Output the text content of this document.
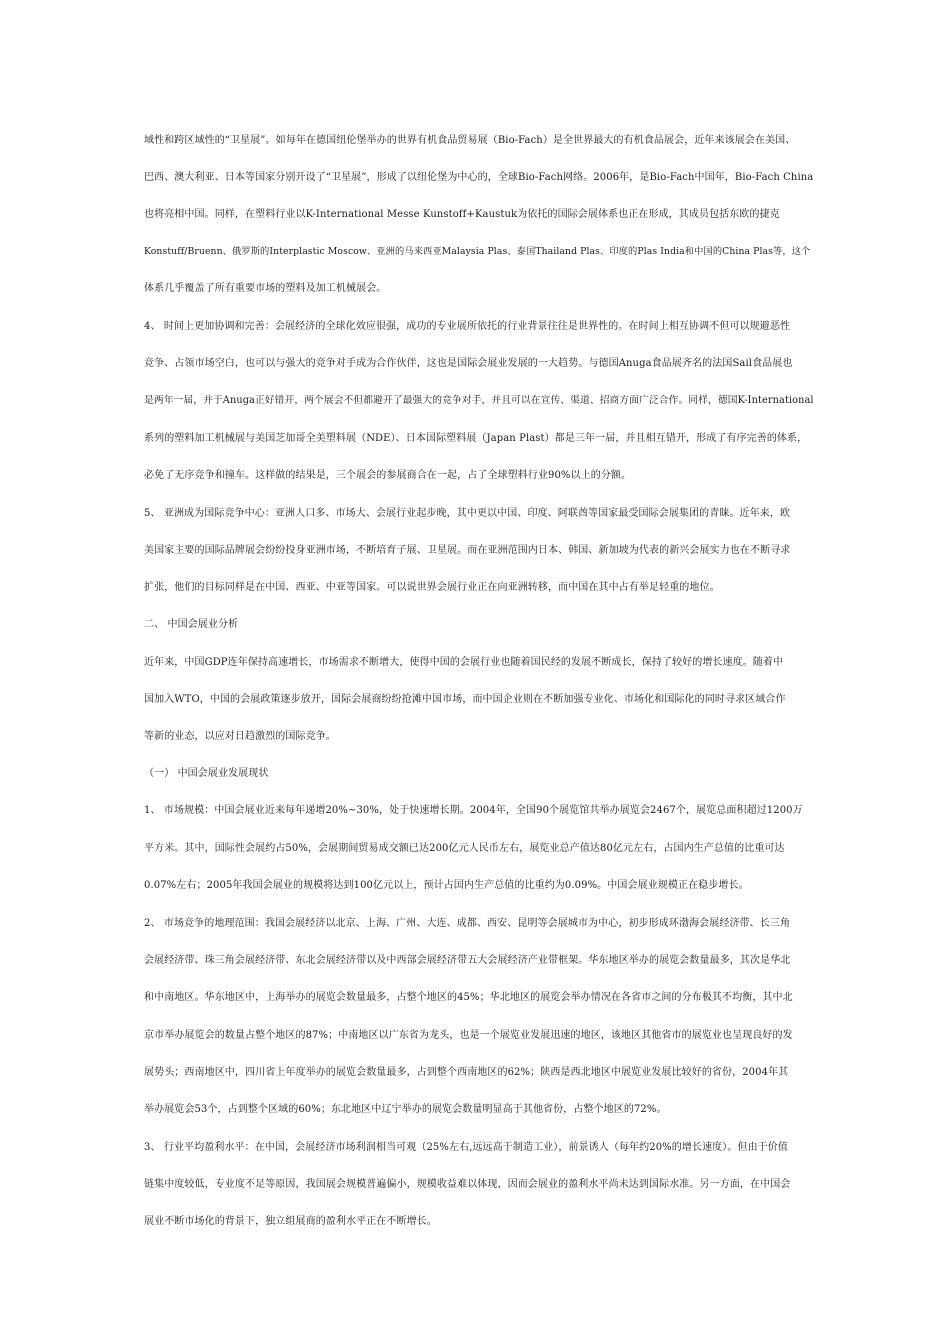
域性和跨区域性的“卫星展”。如每年在德国纽伦堡举办的世界有机食品贸易展（Bio-Fach）是全世界最大的有机食品展会，近年来该展会在美国、
巴西、澳大利亚、日本等国家分别开设了“卫星展”，形成了以纽伦堡为中心的，全球Bio-Fach网络。2006年，是Bio-Fach中国年，Bio-Fach China
也将亮相中国。同样，在塑料行业以K-International Messe Kunstoff+Kaustuk为依托的国际会展体系也正在形成，其成员包括东欧的捷克
Konstuff/Bruenn、俄罗斯的Interplastic Moscow、亚洲的马来西亚Malaysia Plas、泰国Thailand Plas、印度的Plas India和中国的China Plas等，这个
体系几乎覆盖了所有重要市场的塑料及加工机械展会。
4、 时间上更加协调和完善：会展经济的全球化效应很强，成功的专业展所依托的行业背景往往是世界性的。在时间上相互协调不但可以规避恶性
竞争、占领市场空白，也可以与强大的竞争对手成为合作伙伴，这也是国际会展业发展的一大趋势。与德国Anuga食品展齐名的法国Sail食品展也
是两年一届，并于Anuga正好错开，两个展会不但都避开了最强大的竞争对手，并且可以在宣传、渠道、招商方面广泛合作。同样，德国K-International
系列的塑料加工机械展与美国芝加哥全美塑料展（NDE）、日本国际塑料展（Japan Plast）都是三年一届，并且相互错开，形成了有序完善的体系，
必免了无序竞争和撞车。这样做的结果是，三个展会的参展商合在一起，占了全球塑料行业90%以上的分额。
5、 亚洲成为国际竞争中心：亚洲人口多、市场大、会展行业起步晚，其中更以中国、印度、阿联酋等国家最受国际会展集团的青睐。近年来，欧
美国家主要的国际品牌展会纷纷投身亚洲市场，不断培育子展、卫星展。而在亚洲范围内日本、韩国、新加坡为代表的新兴会展实力也在不断寻求
扩张，他们的目标同样是在中国、西亚、中亚等国家。可以说世界会展行业正在向亚洲转移，而中国在其中占有举足轻重的地位。
二、 中国会展业分析
近年来，中国GDP连年保持高速增长，市场需求不断增大，使得中国的会展行业也随着国民经的发展不断成长，保持了较好的增长速度。随着中
国加入WTO，中国的会展政策逐步放开，国际会展商纷纷抢滩中国市场，而中国企业则在不断加强专业化、市场化和国际化的同时寻求区域合作
等新的业态，以应对日趋激烈的国际竞争。
（一） 中国会展业发展现状
1、 市场规模：中国会展业近来每年递增20%~30%，处于快速增长期。2004年，全国90个展览馆共举办展览会2467个，展览总面积超过1200万
平方米。其中，国际性会展约占50%，会展期间贸易成交额已达200亿元人民币左右，展览业总产值达80亿元左右，占国内生产总值的比重可达
0.07%左右；2005年我国会展业的规模将达到100亿元以上，预计占国内生产总值的比重约为0.09%。中国会展业规模正在稳步增长。
2、 市场竞争的地理范围：我国会展经济以北京、上海、广州、大连、成都、西安、昆明等会展城市为中心，初步形成环渤海会展经济带、长三角
会展经济带、珠三角会展经济带、东北会展经济带以及中西部会展经济带五大会展经济产业带框架。华东地区举办的展览会数量最多，其次是华北
和中南地区。华东地区中，上海举办的展览会数量最多，占整个地区的45%；华北地区的展览会举办情况在各省市之间的分布极其不均衡，其中北
京市举办展览会的数量占整个地区的87%；中南地区以广东省为龙头，也是一个展览业发展迅速的地区，该地区其他省市的展览业也呈现良好的发
展势头；西南地区中，四川省上年度举办的展览会数量最多，占到整个西南地区的62%；陕西是西北地区中展览业发展比较好的省份，2004年其
举办展览会53个，占到整个区域的60%；东北地区中辽宁举办的展览会数量明显高于其他省份，占整个地区的72%。
3、 行业平均盈利水平：在中国，会展经济市场利润相当可观（25%左右,远远高于制造工业），前景诱人（每年约20%的增长速度）。但由于价值
链集中度较低，专业度不足等原因，我国展会规模普遍偏小，规模收益难以体现，因而会展业的盈利水平尚未达到国际水准。另一方面，在中国会
展业不断市场化的背景下，独立组展商的盈利水平正在不断增长。
